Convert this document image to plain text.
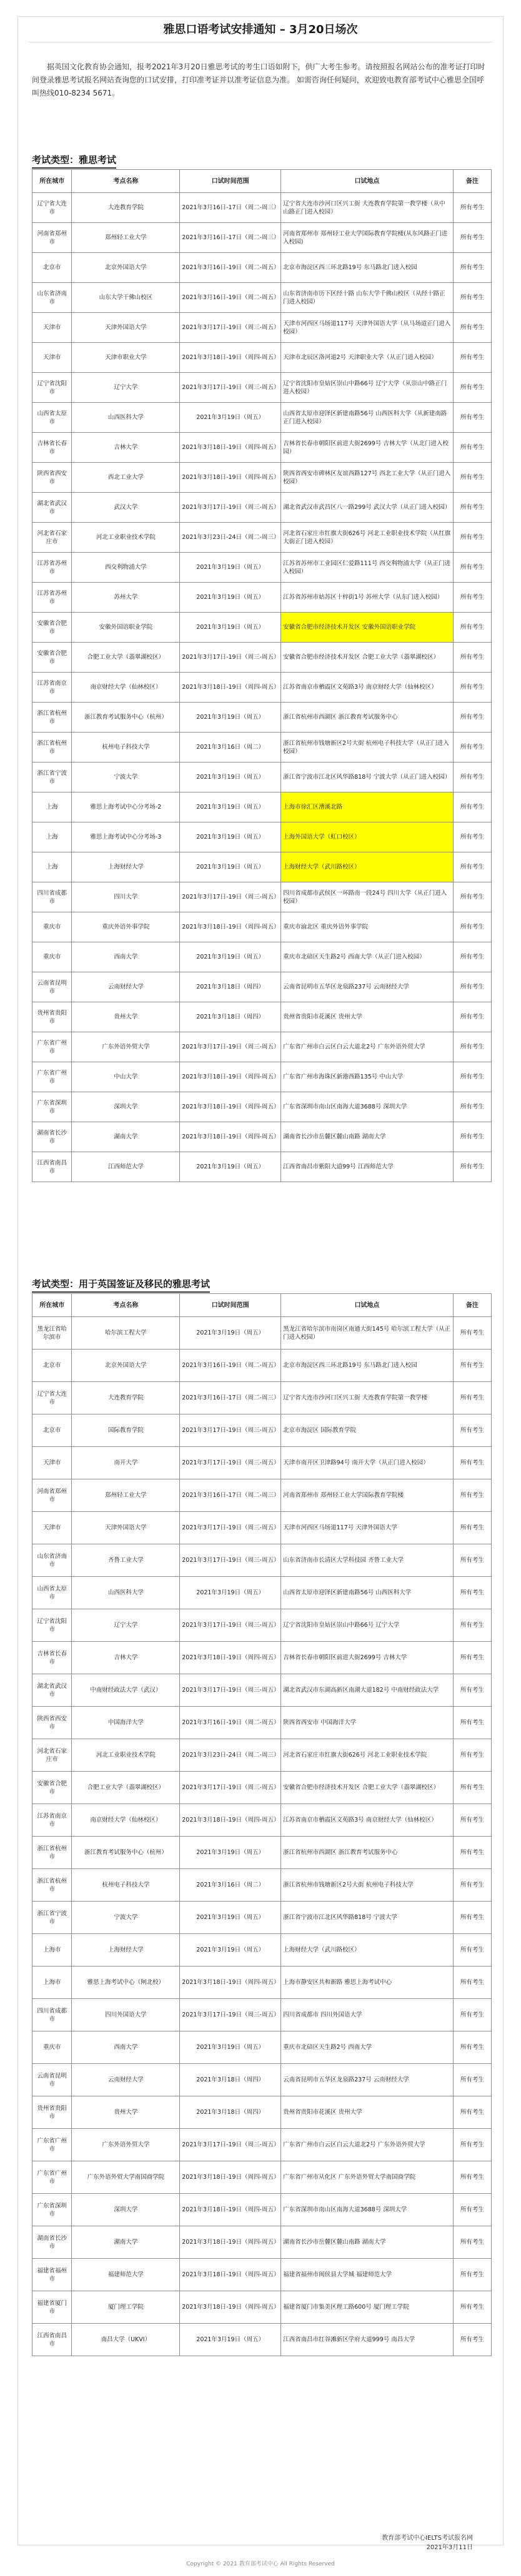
雅思口语考试安排通知 – 3月20日场次
据英国文化教育协会通知，报考2021年3月20日雅思考试的考生口语如附下，供广大考生参考。请按照报名网站公布的准考证打印时间登录雅思考试报名网站查询您的口试安排，打印准考证并以准考证信息为准。 如需咨询任何疑问，欢迎致电教育部考试中心雅思全国呼叫热线010-8234 5671。
考试类型：雅思考试
所在城市	考点名称	口试时间范围	口试地点	备注
辽宁省大连市	大连教育学院	2021年3月16日-17日（周二-周三）	辽宁省大连市沙河口区兴工街 大连教育学院第一教学楼（从中山路正门进入校园）	所有考生
河南省郑州市	郑州轻工业大学	2021年3月16日-17日（周二-周三）	河南省郑州市 郑州轻工业大学国际教育学院楼(从东风路正门进入校园)	所有考生
北京市	北京外国语大学	2021年3月16日-19日（周二-周五）	北京市海淀区西三环北路19号 东马路北门进入校园	所有考生
山东省济南市	山东大学干佛山校区	2021年3月16日-19日（周二-周五）	山东省济南市历下区经十路 山东大学千佛山校区（从经十路正门进入校园）	所有考生
天津市	天津外国语大学	2021年3月17日-19日（周三-周五）	天津市河西区马场道117号 天津外国语大学（从马场道正门进入校园）	所有考生
天津市	天津市职业大学	2021年3月18日-19日（周四-周五）	天津市北辰区洛河道2号 天津职业大学（从正门进入校园）	所有考生
辽宁省沈阳市	辽宁大学	2021年3月17日-19日（周三-周五）	辽宁省沈阳市皇姑区崇山中路66号 辽宁大学（从崇山中路正门进入校园）	所有考生
山西省太原市	山西医科大学	2021年3月19日（周五）	山西省太原市迎泽区新建南路56号 山西医科大学（从新建南路正门进入校园）	所有考生
吉林省长春市	吉林大学	2021年3月18日-19日（周四-周五）	吉林省长春市朝阳区前进大街2699号 吉林大学（从北门进入校园）	所有考生
陕西省西安市	西北工业大学	2021年3月18日-19日（周四-周五）	陕西省西安市碑林区友谊西路127号 西北工业大学（从正门进入校园）	所有考生
湖北省武汉市	武汉大学	2021年3月17日-19日（周三-周五）	湖北省武汉市武昌区八一路299号 武汉大学（从正门进入校园）	所有考生
河北省石家庄市	河北工业职业技术学院	2021年3月23日-24日（周二-周三）	河北省石家庄市红旗大街626号 河北工业职业技术学院（从红旗大街正门进入校园）	所有考生
江苏省苏州市	西交利物浦大学	2021年3月19日（周五）	江苏省苏州市工业园区仁爱路111号 西交利物浦大学（从正门进入校园）	所有考生
江苏省苏州市	苏州大学	2021年3月19日（周五）	江苏省苏州市姑苏区十梓街1号 苏州大学（从东门进入校园）	所有考生
安徽省合肥市	安徽外国语职业学院	2021年3月19日（周五）	安徽省合肥市经济技术开发区 安徽外国语职业学院	所有考生
安徽省合肥市	合肥工业大学（翡翠湖校区）	2021年3月17日-19日（周三-周五）	安徽省合肥市经济技术开发区 合肥工业大学（翡翠湖校区）	所有考生
江苏省南京市	南京财经大学（仙林校区）	2021年3月18日-19日（周四-周五）	江苏省南京市栖霞区文苑路3号 南京财经大学（仙林校区）	所有考生
浙江省杭州市	浙江教育考试服务中心（杭州）	2021年3月19日（周五）	浙江省杭州市西湖区 浙江教育考试服务中心	所有考生
浙江省杭州市	杭州电子科技大学	2021年3月16日（周二）	浙江省杭州市钱塘新区2号大街 杭州电子科技大学（从正门进入校园）	所有考生
浙江省宁波市	宁波大学	2021年3月19日（周五）	浙江省宁波市江北区风华路818号 宁波大学（从正门进入校园）	所有考生
上海	雅思上海考试中心分考场-2	2021年3月19日（周五）	上海市徐汇区漕溪北路	所有考生
上海	雅思上海考试中心分考场-3	2021年3月19日（周五）	上海外国语大学（虹口校区）	所有考生
上海	上海财经大学	2021年3月19日（周五）	上海财经大学（武川路校区）	所有考生
四川省成都市	四川大学	2021年3月17日-19日（周三-周五）	四川省成都市武侯区一环路南一段24号 四川大学（从正门进入校园）	所有考生
重庆市	重庆外语外事学院	2021年3月18日-19日（周四-周五）	重庆市渝北区 重庆外语外事学院	所有考生
重庆市	西南大学	2021年3月19日（周五）	重庆市北碚区天生路2号 西南大学（从正门进入校园）	所有考生
云南省昆明市	云南财经大学	2021年3月18日（周四）	云南省昆明市五华区龙泉路237号 云南财经大学	所有考生
贵州省贵阳市	贵州大学	2021年3月18日（周四）	贵州省贵阳市花溪区 贵州大学	所有考生
广东省广州市	广东外语外贸大学	2021年3月17日-19日（周三-周五）	广东省广州市白云区白云大道北2号 广东外语外贸大学	所有考生
广东省广州市	中山大学	2021年3月18日-19日（周四-周五）	广东省广州市海珠区新港西路135号 中山大学	所有考生
广东省深圳市	深圳大学	2021年3月18日-19日（周四-周五）	广东省深圳市南山区南海大道3688号 深圳大学	所有考生
湖南省长沙市	湖南大学	2021年3月18日-19日（周四-周五）	湖南省长沙市岳麓区麓山南路 湖南大学	所有考生
江西省南昌市	江西师范大学	2021年3月19日（周五）	江西省南昌市紫阳大道99号 江西师范大学	所有考生
考试类型：用于英国签证及移民的雅思考试
所在城市	考点名称	口试时间范围	口试地点	备注
黑龙江省哈尔滨市	哈尔滨工程大学	2021年3月19日（周五）	黑龙江省哈尔滨市南岗区南通大街145号 哈尔滨工程大学（从正门进入校园）	所有考生
北京市	北京外国语大学	2021年3月16日-19日（周二-周五）	北京市海淀区西三环北路19号 东马路北门进入校园	所有考生
辽宁省大连市	大连教育学院	2021年3月16日-17日（周二-周三）	辽宁省大连市沙河口区兴工街 大连教育学院第一教学楼	所有考生
北京市	国际教育学院	2021年3月17日-19日（周三-周五）	北京市海淀区 国际教育学院	所有考生
天津市	南开大学	2021年3月17日-19日（周三-周五）	天津市南开区卫津路94号 南开大学（从正门进入校园）	所有考生
河南省郑州市	郑州轻工业大学	2021年3月16日-17日（周二-周三）	河南省郑州市 郑州轻工业大学国际教育学院楼	所有考生
天津市	天津外国语大学	2021年3月17日-19日（周三-周五）	天津市河西区马场道117号 天津外国语大学	所有考生
山东省济南市	齐鲁工业大学	2021年3月17日-19日（周三-周五）	山东省济南市长清区大学科技园 齐鲁工业大学	所有考生
山西省太原市	山西医科大学	2021年3月19日（周五）	山西省太原市迎泽区新建南路56号 山西医科大学	所有考生
辽宁省沈阳市	辽宁大学	2021年3月17日-19日（周三-周五）	辽宁省沈阳市皇姑区崇山中路66号 辽宁大学	所有考生
吉林省长春市	吉林大学	2021年3月18日-19日（周四-周五）	吉林省长春市朝阳区前进大街2699号 吉林大学	所有考生
湖北省武汉市	中南财经政法大学（武汉）	2021年3月17日-19日（周三-周五）	湖北省武汉市东湖高新区南湖大道182号 中南财经政法大学	所有考生
陕西省西安市	中国海洋大学	2021年3月16日-19日（周二-周五）	陕西省西安市 中国海洋大学	所有考生
河北省石家庄市	河北工业职业技术学院	2021年3月23日-24日（周二-周三）	河北省石家庄市红旗大街626号 河北工业职业技术学院	所有考生
安徽省合肥市	合肥工业大学（翡翠湖校区）	2021年3月17日-19日（周三-周五）	安徽省合肥市经济技术开发区 合肥工业大学（翡翠湖校区）	所有考生
江苏省南京市	南京财经大学（仙林校区）	2021年3月18日-19日（周四-周五）	江苏省南京市栖霞区文苑路3号 南京财经大学（仙林校区）	所有考生
浙江省杭州市	浙江教育考试服务中心（杭州）	2021年3月19日（周五）	浙江省杭州市西湖区 浙江教育考试服务中心	所有考生
浙江省杭州市	杭州电子科技大学	2021年3月16日（周二）	浙江省杭州市钱塘新区2号大街 杭州电子科技大学	所有考生
浙江省宁波市	宁波大学	2021年3月19日（周五）	浙江省宁波市江北区风华路818号 宁波大学	所有考生
上海市	上海财经大学	2021年3月19日（周五）	上海财经大学（武川路校区）	所有考生
上海市	雅思上海考试中心（闸北校）	2021年3月18日-19日（周四-周五）	上海市静安区共和新路 雅思上海考试中心	所有考生
四川省成都市	四川外国语大学	2021年3月17日-19日（周三-周五）	四川省成都市 四川外国语大学	所有考生
重庆市	西南大学	2021年3月19日（周五）	重庆市北碚区天生路2号 西南大学	所有考生
云南省昆明市	云南财经大学	2021年3月18日（周四）	云南省昆明市五华区龙泉路237号 云南财经大学	所有考生
贵州省贵阳市	贵州大学	2021年3月18日（周四）	贵州省贵阳市花溪区 贵州大学	所有考生
广东省广州市	广东外语外贸大学	2021年3月17日-19日（周三-周五）	广东省广州市白云区白云大道北2号 广东外语外贸大学	所有考生
广东省广州市	广东外语外贸大学南国商学院	2021年3月18日-19日（周四-周五）	广东省广州市从化区 广东外语外贸大学南国商学院	所有考生
广东省深圳市	深圳大学	2021年3月18日-19日（周四-周五）	广东省深圳市南山区南海大道3688号 深圳大学	所有考生
湖南省长沙市	湖南大学	2021年3月18日-19日（周四-周五）	湖南省长沙市岳麓区麓山南路 湖南大学	所有考生
福建省福州市	福建师范大学	2021年3月18日-19日（周四-周五）	福建省福州市闽侯县大学城 福建师范大学	所有考生
福建省厦门市	厦门理工学院	2021年3月18日-19日（周四-周五）	福建省厦门市集美区理工路600号 厦门理工学院	所有考生
江西省南昌市	南昌大学（UKVI）	2021年3月19日（周五）	江西省南昌市红谷滩新区学府大道999号 南昌大学	所有考生
教育部考试中心IELTS考试报名网
2021年3月11日
Copyright © 2021 教育部考试中心 All Rights Reserved
